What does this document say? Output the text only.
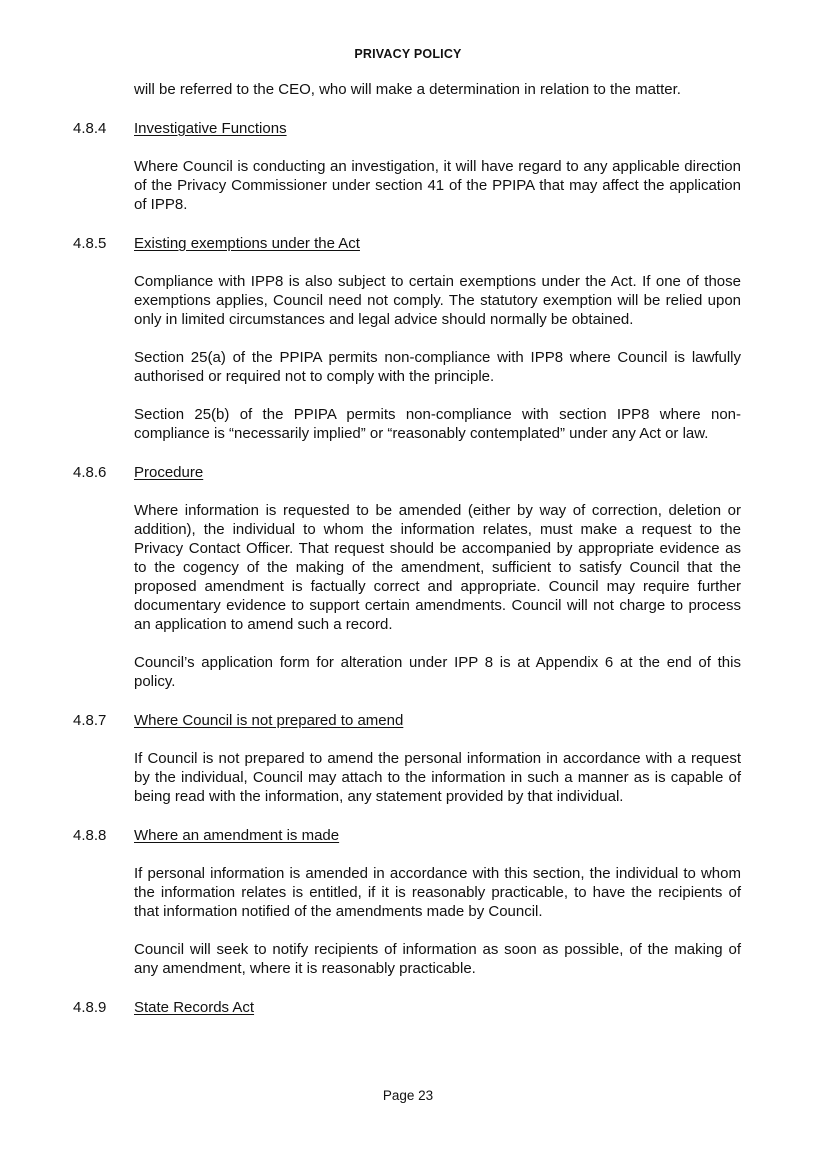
PRIVACY POLICY

will be referred to the CEO, who will make a determination in relation to the matter.

4.8.4	Investigative Functions

Where Council is conducting an investigation, it will have regard to any applicable direction of the Privacy Commissioner under section 41 of the PPIPA that may affect the application of IPP8.

4.8.5	Existing exemptions under the Act

Compliance with IPP8 is also subject to certain exemptions under the Act. If one of those exemptions applies, Council need not comply. The statutory exemption will be relied upon only in limited circumstances and legal advice should normally be obtained.

Section 25(a) of the PPIPA permits non-compliance with IPP8 where Council is lawfully authorised or required not to comply with the principle.

Section 25(b) of the PPIPA permits non-compliance with section IPP8 where non-compliance is “necessarily implied” or “reasonably contemplated” under any Act or law.

4.8.6	Procedure

Where information is requested to be amended (either by way of correction, deletion or addition), the individual to whom the information relates, must make a request to the Privacy Contact Officer. That request should be accompanied by appropriate evidence as to the cogency of the making of the amendment, sufficient to satisfy Council that the proposed amendment is factually correct and appropriate. Council may require further documentary evidence to support certain amendments. Council will not charge to process an application to amend such a record.

Council’s application form for alteration under IPP 8 is at Appendix 6 at the end of this policy.

4.8.7	Where Council is not prepared to amend

If Council is not prepared to amend the personal information in accordance with a request by the individual, Council may attach to the information in such a manner as is capable of being read with the information, any statement provided by that individual.

4.8.8	Where an amendment is made

If personal information is amended in accordance with this section, the individual to whom the information relates is entitled, if it is reasonably practicable, to have the recipients of that information notified of the amendments made by Council.

Council will seek to notify recipients of information as soon as possible, of the making of any amendment, where it is reasonably practicable.

4.8.9	State Records Act
Page 23
